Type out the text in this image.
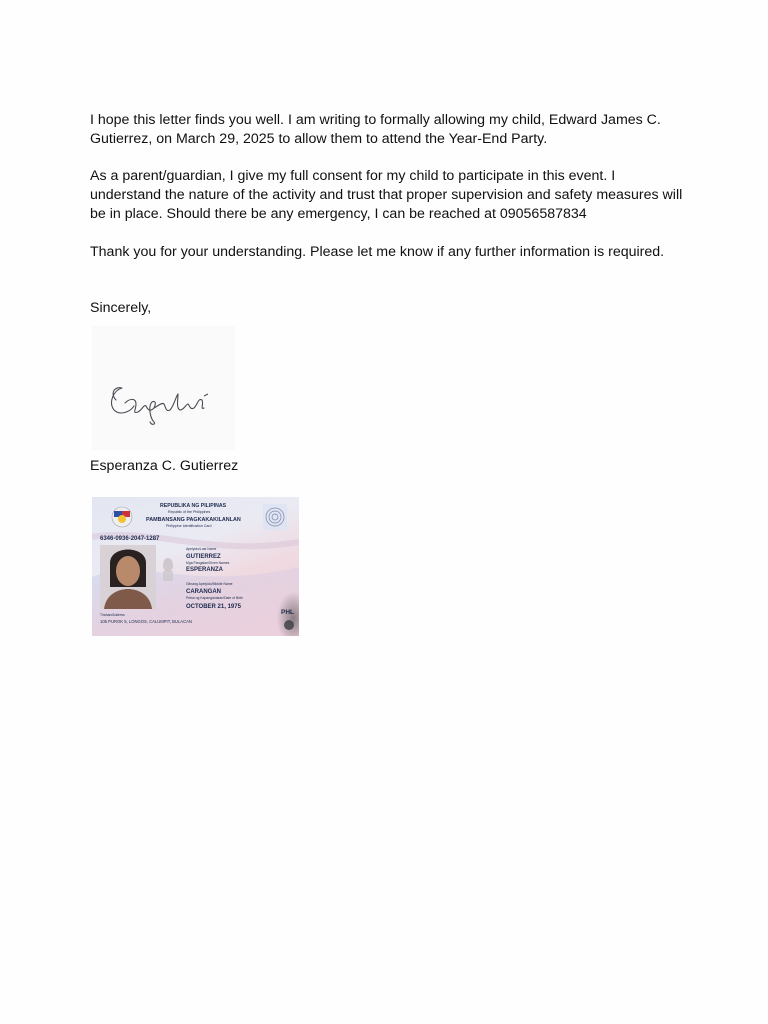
I hope this letter finds you well. I am writing to formally allowing my child, Edward James C. Gutierrez, on March 29, 2025 to allow them to attend the Year-End Party.

As a parent/guardian, I give my full consent for my child to participate in this event. I understand the nature of the activity and trust that proper supervision and safety measures will be in place. Should there be any emergency, I can be reached at 09056587834

Thank you for your understanding. Please let me know if any further information is required.

Sincerely,

Esperanza C. Gutierrez

REPUBLIKA NG PILIPINAS
Republic of the Philippines
PAMBANSANG PAGKAKAKILANLAN
Philippine Identification Card
6346-0936-2047-1287
Apelyido/Last Name
GUTIERREZ
Mga Pangalan/Given Names
ESPERANZA
Gitnang Apelyido/Middle Name
CARANGAN
Petsa ng Kapanganakan/Date of Birth
OCTOBER 21, 1975
Tirahan/Address
105 PUROK 5, LONGOS, CALUMPIT, BULACAN
PHL
